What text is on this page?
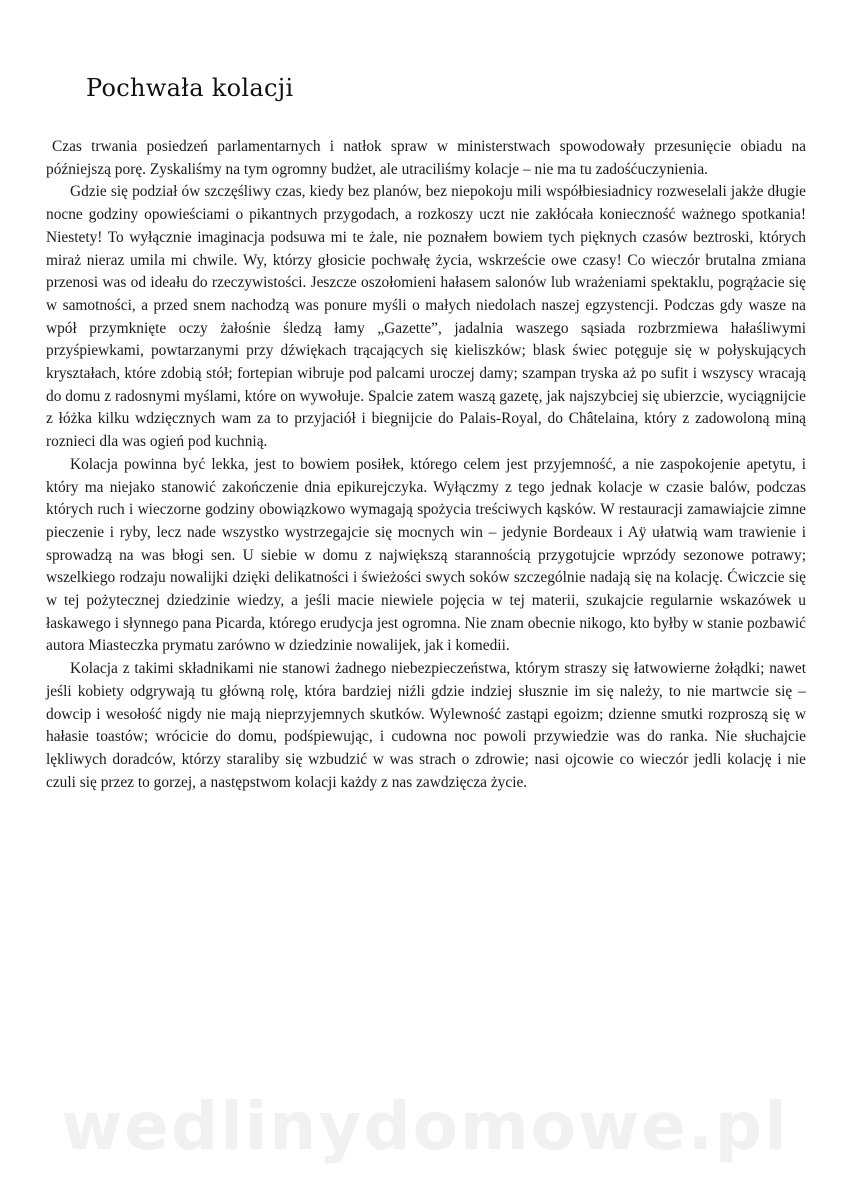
Pochwała kolacji

Czas trwania posiedzeń parlamentarnych i natłok spraw w ministerstwach spowodowały przesunięcie obiadu na późniejszą porę. Zyskaliśmy na tym ogromny budżet, ale utraciliśmy kolacje – nie ma tu zadośćuczynienia.

Gdzie się podział ów szczęśliwy czas, kiedy bez planów, bez niepokoju mili współbiesiadnicy rozweselali jakże długie nocne godziny opowieściami o pikantnych przygodach, a rozkoszy uczt nie zakłócała konieczność ważnego spotkania! Niestety! To wyłącznie imaginacja podsuwa mi te żale, nie poznałem bowiem tych pięknych czasów beztroski, których miraż nieraz umila mi chwile. Wy, którzy głosicie pochwałę życia, wskrzeście owe czasy! Co wieczór brutalna zmiana przenosi was od ideału do rzeczywistości. Jeszcze oszołomieni hałasem salonów lub wrażeniami spektaklu, pogrążacie się w samotności, a przed snem nachodzą was ponure myśli o małych niedolach naszej egzystencji. Podczas gdy wasze na wpół przymknięte oczy żałośnie śledzą łamy „Gazette”, jadalnia waszego sąsiada rozbrzmiewa hałaśliwymi przyśpiewkami, powtarzanymi przy dźwiękach trącających się kieliszków; blask świec potęguje się w połyskujących kryształach, które zdobią stół; fortepian wibruje pod palcami uroczej damy; szampan tryska aż po sufit i wszyscy wracają do domu z radosnymi myślami, które on wywołuje. Spalcie zatem waszą gazetę, jak najszybciej się ubierzcie, wyciągnijcie z łóżka kilku wdzięcznych wam za to przyjaciół i biegnijcie do Palais-Royal, do Châtelaina, który z zadowoloną miną roznieci dla was ogień pod kuchnią.

Kolacja powinna być lekka, jest to bowiem posiłek, którego celem jest przyjemność, a nie zaspokojenie apetytu, i który ma niejako stanowić zakończenie dnia epikurejczyka. Wyłączmy z tego jednak kolacje w czasie balów, podczas których ruch i wieczorne godziny obowiązkowo wymagają spożycia treściwych kąsków. W restauracji zamawiajcie zimne pieczenie i ryby, lecz nade wszystko wystrzegajcie się mocnych win – jedynie Bordeaux i Aÿ ułatwią wam trawienie i sprowadzą na was błogi sen. U siebie w domu z największą starannością przygotujcie wprzódy sezonowe potrawy; wszelkiego rodzaju nowalijki dzięki delikatności i świeżości swych soków szczególnie nadają się na kolację. Ćwiczcie się w tej pożytecznej dziedzinie wiedzy, a jeśli macie niewiele pojęcia w tej materii, szukajcie regularnie wskazówek u łaskawego i słynnego pana Picarda, którego erudycja jest ogromna. Nie znam obecnie nikogo, kto byłby w stanie pozbawić autora Miasteczka prymatu zarówno w dziedzinie nowalijek, jak i komedii.

Kolacja z takimi składnikami nie stanowi żadnego niebezpieczeństwa, którym straszy się łatwowierne żołądki; nawet jeśli kobiety odgrywają tu główną rolę, która bardziej niźli gdzie indziej słusznie im się należy, to nie martwcie się – dowcip i wesołość nigdy nie mają nieprzyjemnych skutków. Wylewność zastąpi egoizm; dzienne smutki rozproszą się w hałasie toastów; wrócicie do domu, podśpiewując, i cudowna noc powoli przywiedzie was do ranka. Nie słuchajcie lękliwych doradców, którzy staraliby się wzbudzić w was strach o zdrowie; nasi ojcowie co wieczór jedli kolację i nie czuli się przez to gorzej, a następstwom kolacji każdy z nas zawdzięcza życie.

wedlinydomowe.pl
